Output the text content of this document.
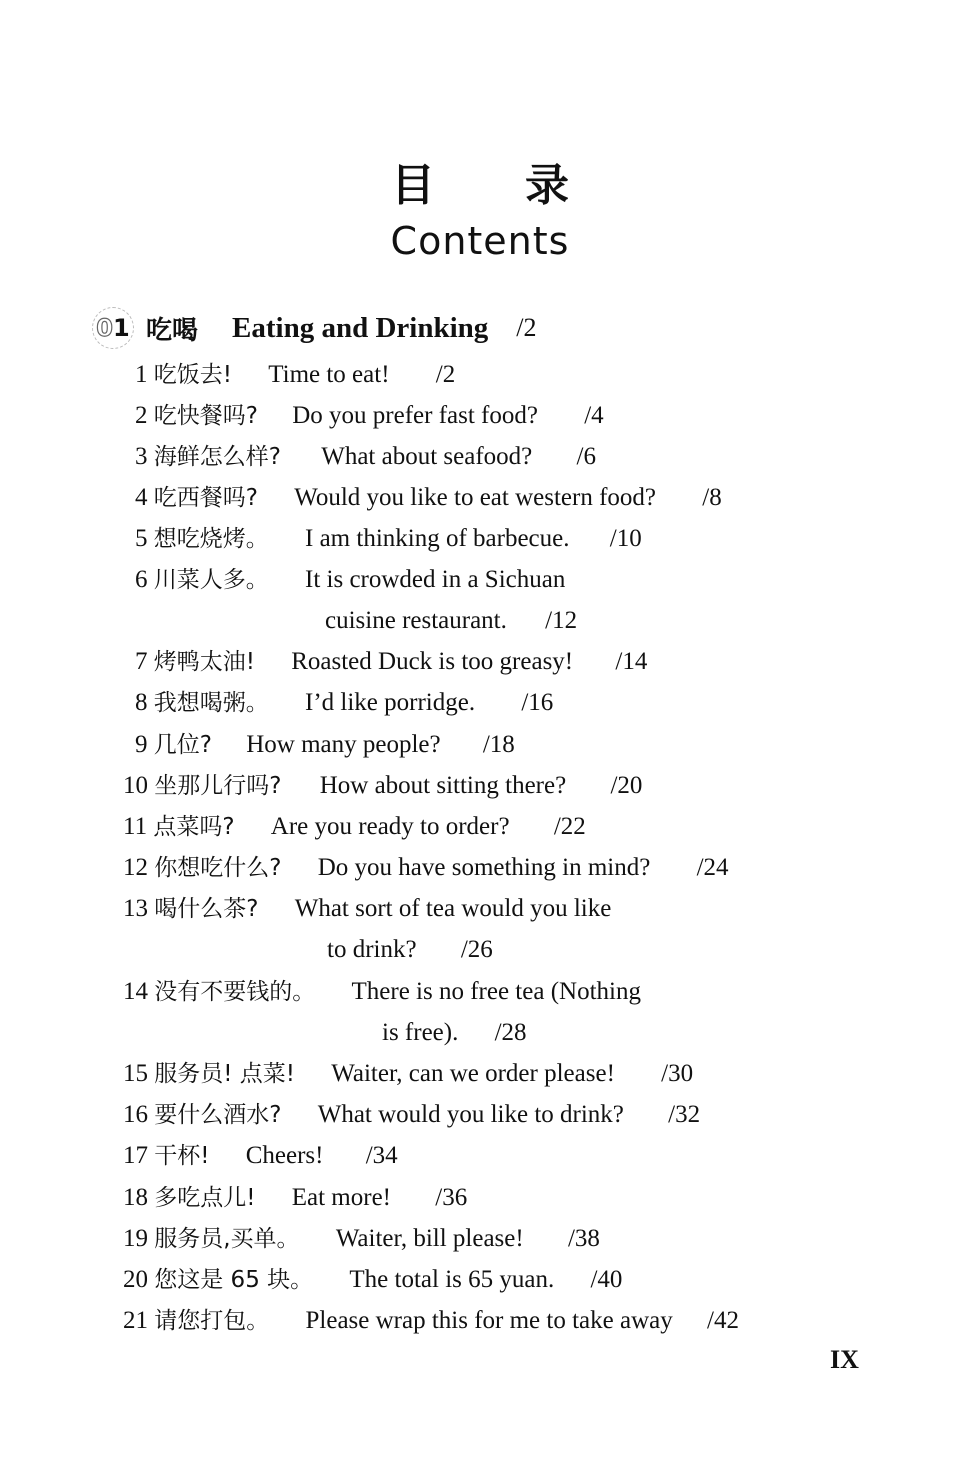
目录
Contents
0 1 吃喝 Eating and Drinking /2
1 吃饭去! Time to eat! /2
2 吃快餐吗? Do you prefer fast food? /4
3 海鲜怎么样? What about seafood? /6
4 吃西餐吗? Would you like to eat western food? /8
5 想吃烧烤。 I am thinking of barbecue. /10
6 川菜人多。 It is crowded in a Sichuan
cuisine restaurant. /12
7 烤鸭太油! Roasted Duck is too greasy! /14
8 我想喝粥。 I’d like porridge. /16
9 几位? How many people? /18
10 坐那儿行吗? How about sitting there? /20
11 点菜吗? Are you ready to order? /22
12 你想吃什么? Do you have something in mind? /24
13 喝什么茶? What sort of tea would you like
to drink? /26
14 没有不要钱的。 There is no free tea (Nothing
is free). /28
15 服务员! 点菜! Waiter, can we order please! /30
16 要什么酒水? What would you like to drink? /32
17 干杯! Cheers! /34
18 多吃点儿! Eat more! /36
19 服务员,买单。 Waiter, bill please! /38
20 您这是 65 块。 The total is 65 yuan. /40
21 请您打包。 Please wrap this for me to take away /42
IX
